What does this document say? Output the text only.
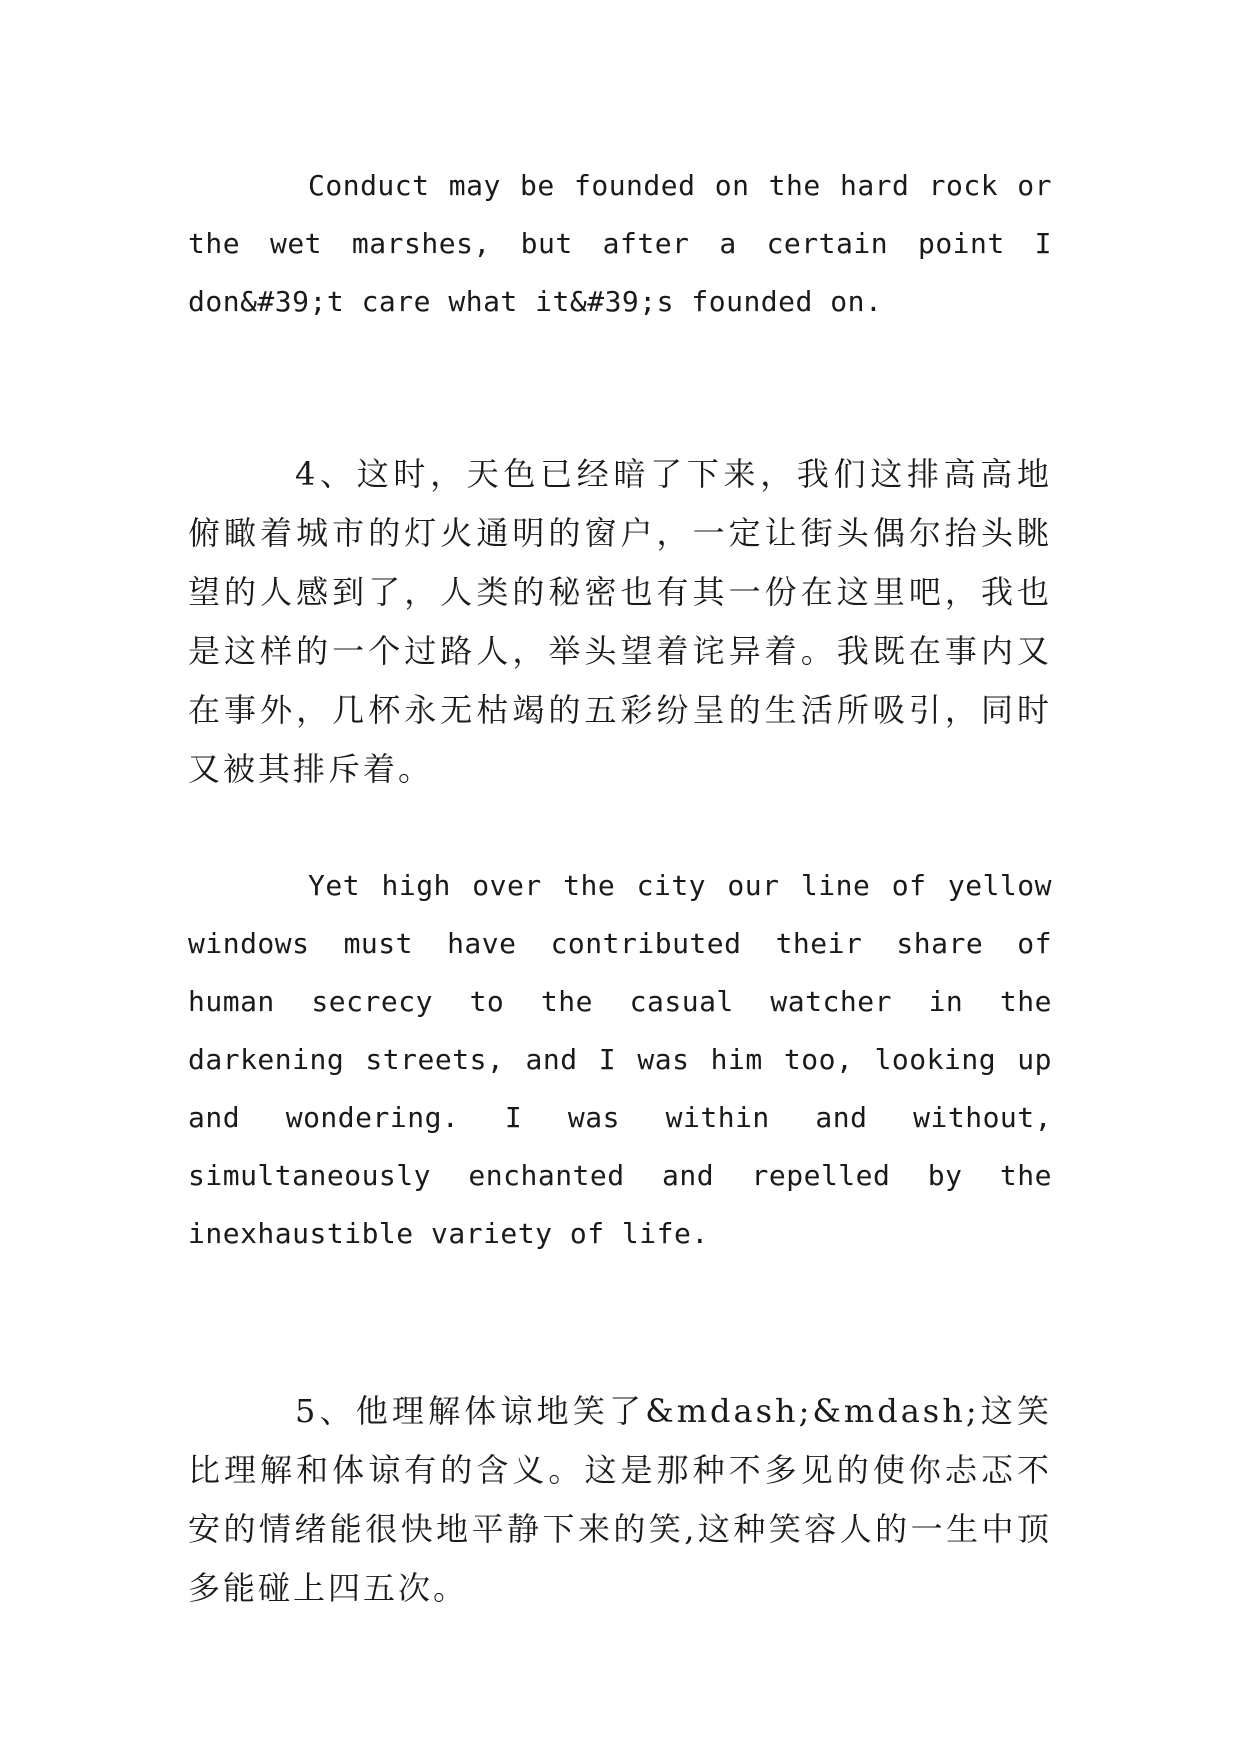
Conduct may be founded on the hard rock or the wet marshes, but after a certain point I don&#39;t care what it&#39;s founded on.

4、这时，天色已经暗了下来，我们这排高高地俯瞰着城市的灯火通明的窗户，一定让街头偶尔抬头眺望的人感到了，人类的秘密也有其一份在这里吧，我也是这样的一个过路人，举头望着诧异着。我既在事内又在事外，几杯永无枯竭的五彩纷呈的生活所吸引，同时又被其排斥着。

Yet high over the city our line of yellow windows must have contributed their share of human secrecy to the casual watcher in the darkening streets, and I was him too, looking up and wondering. I was within and without, simultaneously enchanted and repelled by the inexhaustible variety of life.

5、他理解体谅地笑了&mdash;&mdash;这笑比理解和体谅有的含义。这是那种不多见的使你忐忑不安的情绪能很快地平静下来的笑,这种笑容人的一生中顶多能碰上四五次。
